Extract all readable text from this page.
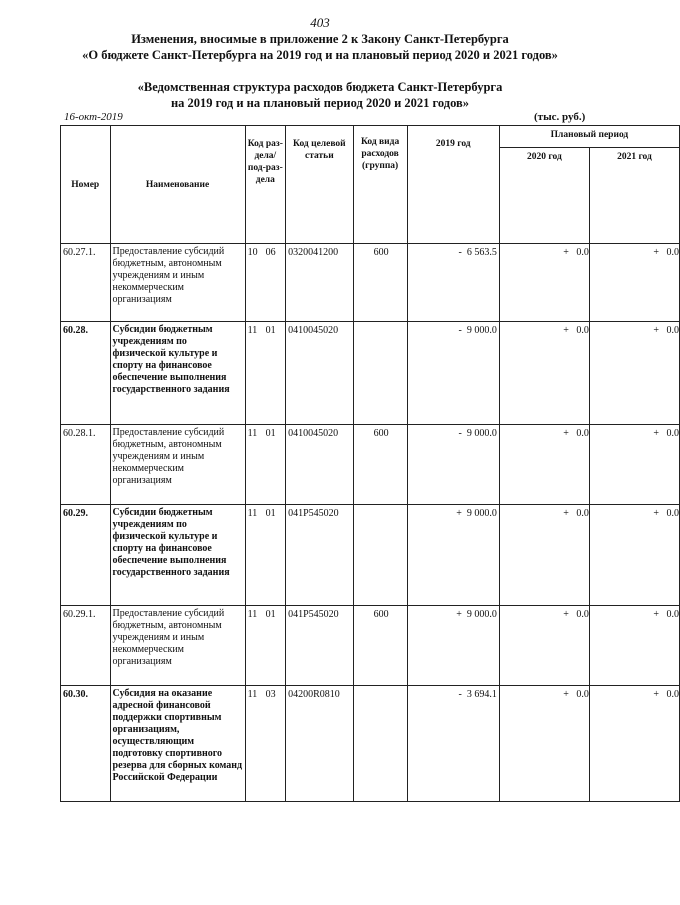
403
Изменения, вносимые в приложение 2 к Закону Санкт-Петербурга
«О бюджете Санкт-Петербурга на 2019 год и на плановый период 2020 и 2021 годов»
«Ведомственная структура расходов бюджета Санкт-Петербурга
на 2019 год и на плановый период 2020 и 2021 годов»
16-окт-2019	(тыс. руб.)
Номер	Наименование	Код раз-дела/ под-раз-дела	Код целевой статьи	Код вида расходов (группа)	2019 год	Плановый период	
						2020 год	2021 год

60.27.1.	Предоставление субсидий бюджетным, автономным учреждениям и иным некоммерческим организациям	10 06	0320041200	600	-  6 563.5	+   0.0	+   0.0
60.28.	Субсидии бюджетным учреждениям по физической культуре и спорту на финансовое обеспечение выполнения государственного задания	11 01	0410045020		-  9 000.0	+   0.0	+   0.0
60.28.1.	Предоставление субсидий бюджетным, автономным учреждениям и иным некоммерческим организациям	11 01	0410045020	600	-  9 000.0	+   0.0	+   0.0
60.29.	Субсидии бюджетным учреждениям по физической культуре и спорту на финансовое обеспечение выполнения государственного задания	11 01	041P545020		+  9 000.0	+   0.0	+   0.0
60.29.1.	Предоставление субсидий бюджетным, автономным учреждениям и иным некоммерческим организациям	11 01	041P545020	600	+  9 000.0	+   0.0	+   0.0
60.30.	Субсидия на оказание адресной финансовой поддержки спортивным организациям, осуществляющим подготовку спортивного резерва для сборных команд Российской Федерации	11 03	04200R0810		-  3 694.1	+   0.0	+   0.0
